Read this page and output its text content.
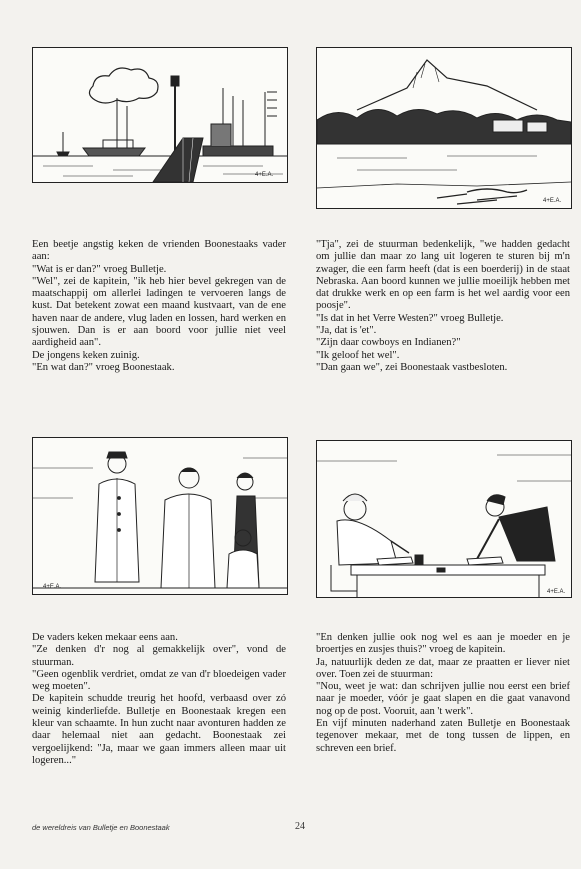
4+E.A.
4+E.A.

Een beetje angstig keken de vrienden Boonestaaks vader aan:

"Wat is er dan?" vroeg Bulletje.

"Wel", zei de kapitein, "ik heb hier bevel gekregen van de maatschappij om allerlei ladingen te vervoeren langs de kust. Dat betekent zowat een maand kustvaart, van de ene haven naar de andere, vlug laden en lossen, hard werken en sjouwen. Dan is er aan boord voor jullie niet veel aardigheid aan".

De jongens keken zuinig.

"En wat dan?" vroeg Boonestaak.

"Tja", zei de stuurman bedenkelijk, "we hadden gedacht om jullie dan maar zo lang uit logeren te sturen bij m'n zwager, die een farm heeft (dat is een boerderij) in de staat Nebraska. Aan boord kunnen we jullie moeilijk hebben met dat drukke werk en op een farm is het wel aardig voor een poosje".

"Is dat in het Verre Westen?" vroeg Bulletje.

"Ja, dat is 'et".

"Zijn daar cowboys en Indianen?"

"Ik geloof het wel".

"Dan gaan we", zei Boonestaak vastbesloten.

4+E.A.
4+E.A.

De vaders keken mekaar eens aan.

"Ze denken d'r nog al gemakkelijk over", vond de stuurman.

"Geen ogenblik verdriet, omdat ze van d'r bloedeigen vader weg moeten".

De kapitein schudde treurig het hoofd, verbaasd over zó weinig kinderliefde. Bulletje en Boonestaak kregen een kleur van schaamte. In hun zucht naar avonturen hadden ze daar helemaal niet aan gedacht. Boonestaak zei vergoelijkend: "Ja, maar we gaan immers alleen maar uit logeren..."

"En denken jullie ook nog wel es aan je moeder en je broertjes en zusjes thuis?" vroeg de kapitein.

Ja, natuurlijk deden ze dat, maar ze praatten er liever niet over. Toen zei de stuurman:

"Nou, weet je wat: dan schrijven jullie nou eerst een brief naar je moeder, vóór je gaat slapen en die gaat vanavond nog op de post. Vooruit, aan 't werk".

En vijf minuten naderhand zaten Bulletje en Boonestaak tegenover mekaar, met de tong tussen de lippen, en schreven een brief.

de wereldreis van Bulletje en Boonestaak	24
